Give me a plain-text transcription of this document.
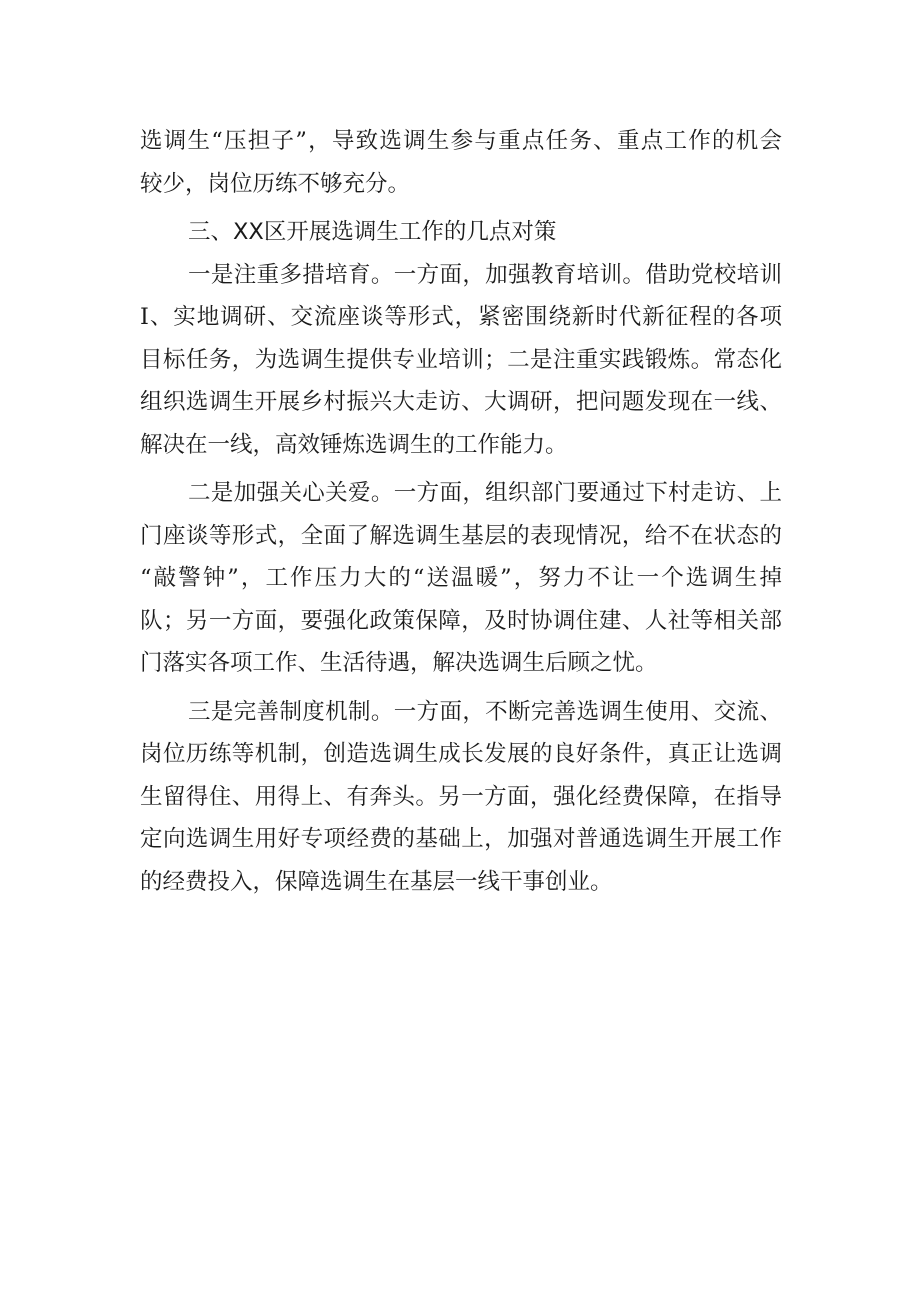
选调生“压担子”，导致选调生参与重点任务、重点工作的机会
较少，岗位历练不够充分。
三、XX区开展选调生工作的几点对策
一是注重多措培育。一方面，加强教育培训。借助党校培训
I、实地调研、交流座谈等形式，紧密围绕新时代新征程的各项
目标任务，为选调生提供专业培训；二是注重实践锻炼。常态化
组织选调生开展乡村振兴大走访、大调研，把问题发现在一线、
解决在一线，高效锤炼选调生的工作能力。
二是加强关心关爱。一方面，组织部门要通过下村走访、上
门座谈等形式，全面了解选调生基层的表现情况，给不在状态的
“敲警钟”，工作压力大的“送温暖”，努力不让一个选调生掉
队；另一方面，要强化政策保障，及时协调住建、人社等相关部
门落实各项工作、生活待遇，解决选调生后顾之忧。
三是完善制度机制。一方面，不断完善选调生使用、交流、
岗位历练等机制，创造选调生成长发展的良好条件，真正让选调
生留得住、用得上、有奔头。另一方面，强化经费保障，在指导
定向选调生用好专项经费的基础上，加强对普通选调生开展工作
的经费投入，保障选调生在基层一线干事创业。
